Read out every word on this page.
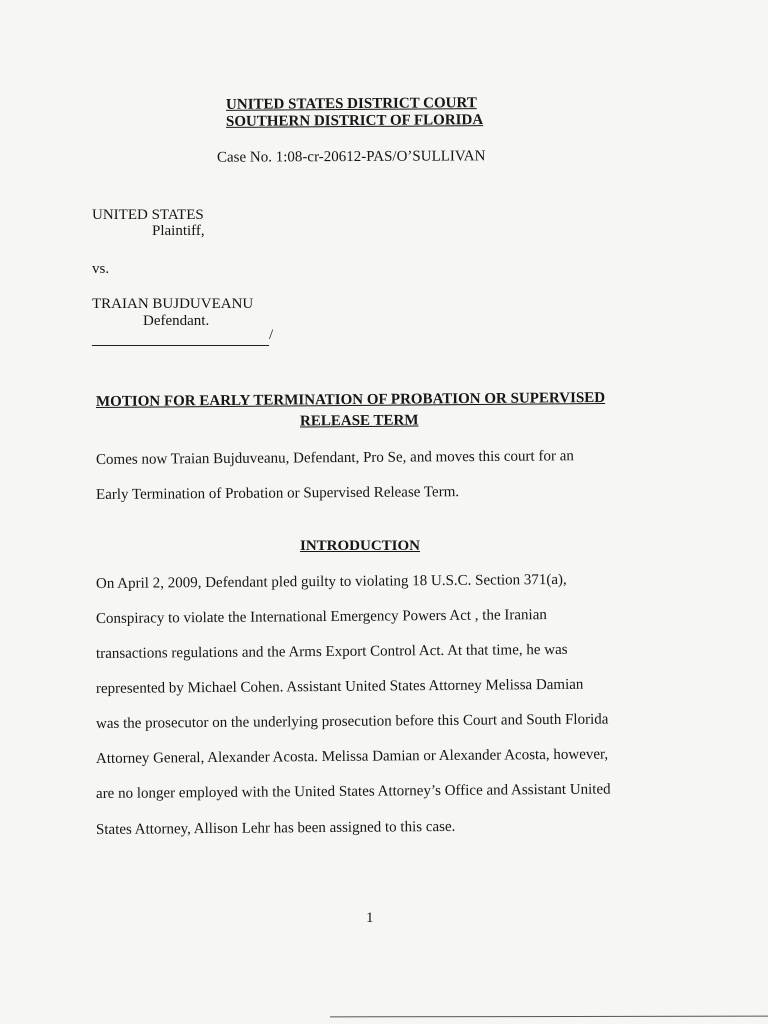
UNITED STATES DISTRICT COURT

SOUTHERN DISTRICT OF FLORIDA

Case No. 1:08-cr-20612-PAS/O’SULLIVAN

UNITED STATES

Plaintiff,

vs.

TRAIAN BUJDUVEANU

Defendant.

/

MOTION FOR EARLY TERMINATION OF PROBATION OR SUPERVISED

RELEASE TERM

Comes now Traian Bujduveanu, Defendant, Pro Se, and moves this court for an

Early Termination of Probation or Supervised Release Term.

INTRODUCTION

On April 2, 2009, Defendant pled guilty to violating 18 U.S.C. Section 371(a),

Conspiracy to violate the International Emergency Powers Act , the Iranian

transactions regulations and the Arms Export Control Act. At that time, he was

represented by Michael Cohen. Assistant United States Attorney Melissa Damian

was the prosecutor on the underlying prosecution before this Court and South Florida

Attorney General, Alexander Acosta. Melissa Damian or Alexander Acosta, however,

are no longer employed with the United States Attorney’s Office and Assistant United

States Attorney, Allison Lehr has been assigned to this case.

1
